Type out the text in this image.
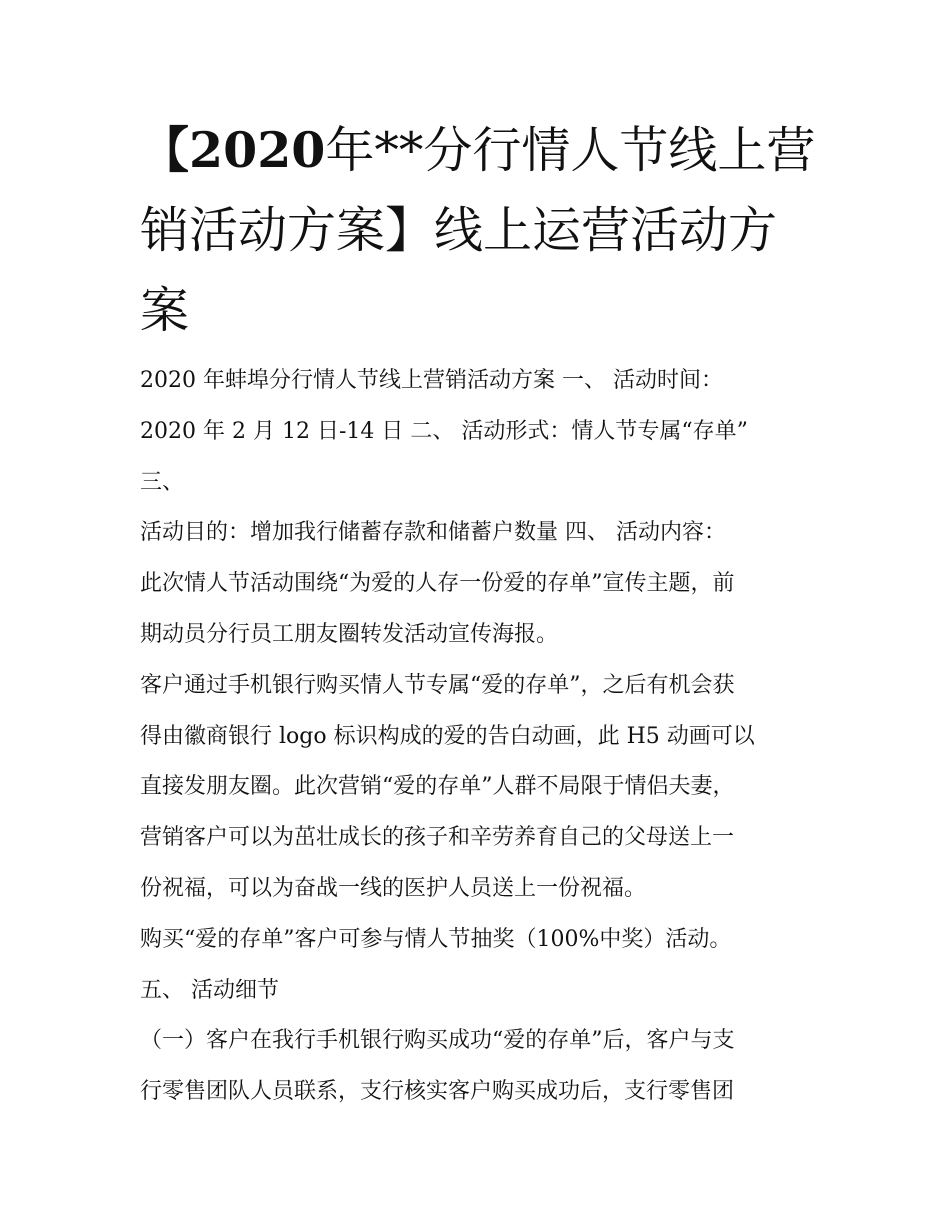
【2020年**分行情人节线上营
销活动方案】线上运营活动方
案

2020 年蚌埠分行情人节线上营销活动方案 一、 活动时间：

2020 年 2 月 12 日-14 日 二、 活动形式：情人节专属“存单”

三、

活动目的：增加我行储蓄存款和储蓄户数量 四、 活动内容：

此次情人节活动围绕“为爱的人存一份爱的存单”宣传主题，前

期动员分行员工朋友圈转发活动宣传海报。

客户通过手机银行购买情人节专属“爱的存单”，之后有机会获

得由徽商银行 logo 标识构成的爱的告白动画，此 H5 动画可以

直接发朋友圈。此次营销“爱的存单”人群不局限于情侣夫妻，

营销客户可以为茁壮成长的孩子和辛劳养育自己的父母送上一

份祝福，可以为奋战一线的医护人员送上一份祝福。

购买“爱的存单”客户可参与情人节抽奖（100%中奖）活动。

五、 活动细节

（一）客户在我行手机银行购买成功“爱的存单”后，客户与支

行零售团队人员联系，支行核实客户购买成功后，支行零售团
